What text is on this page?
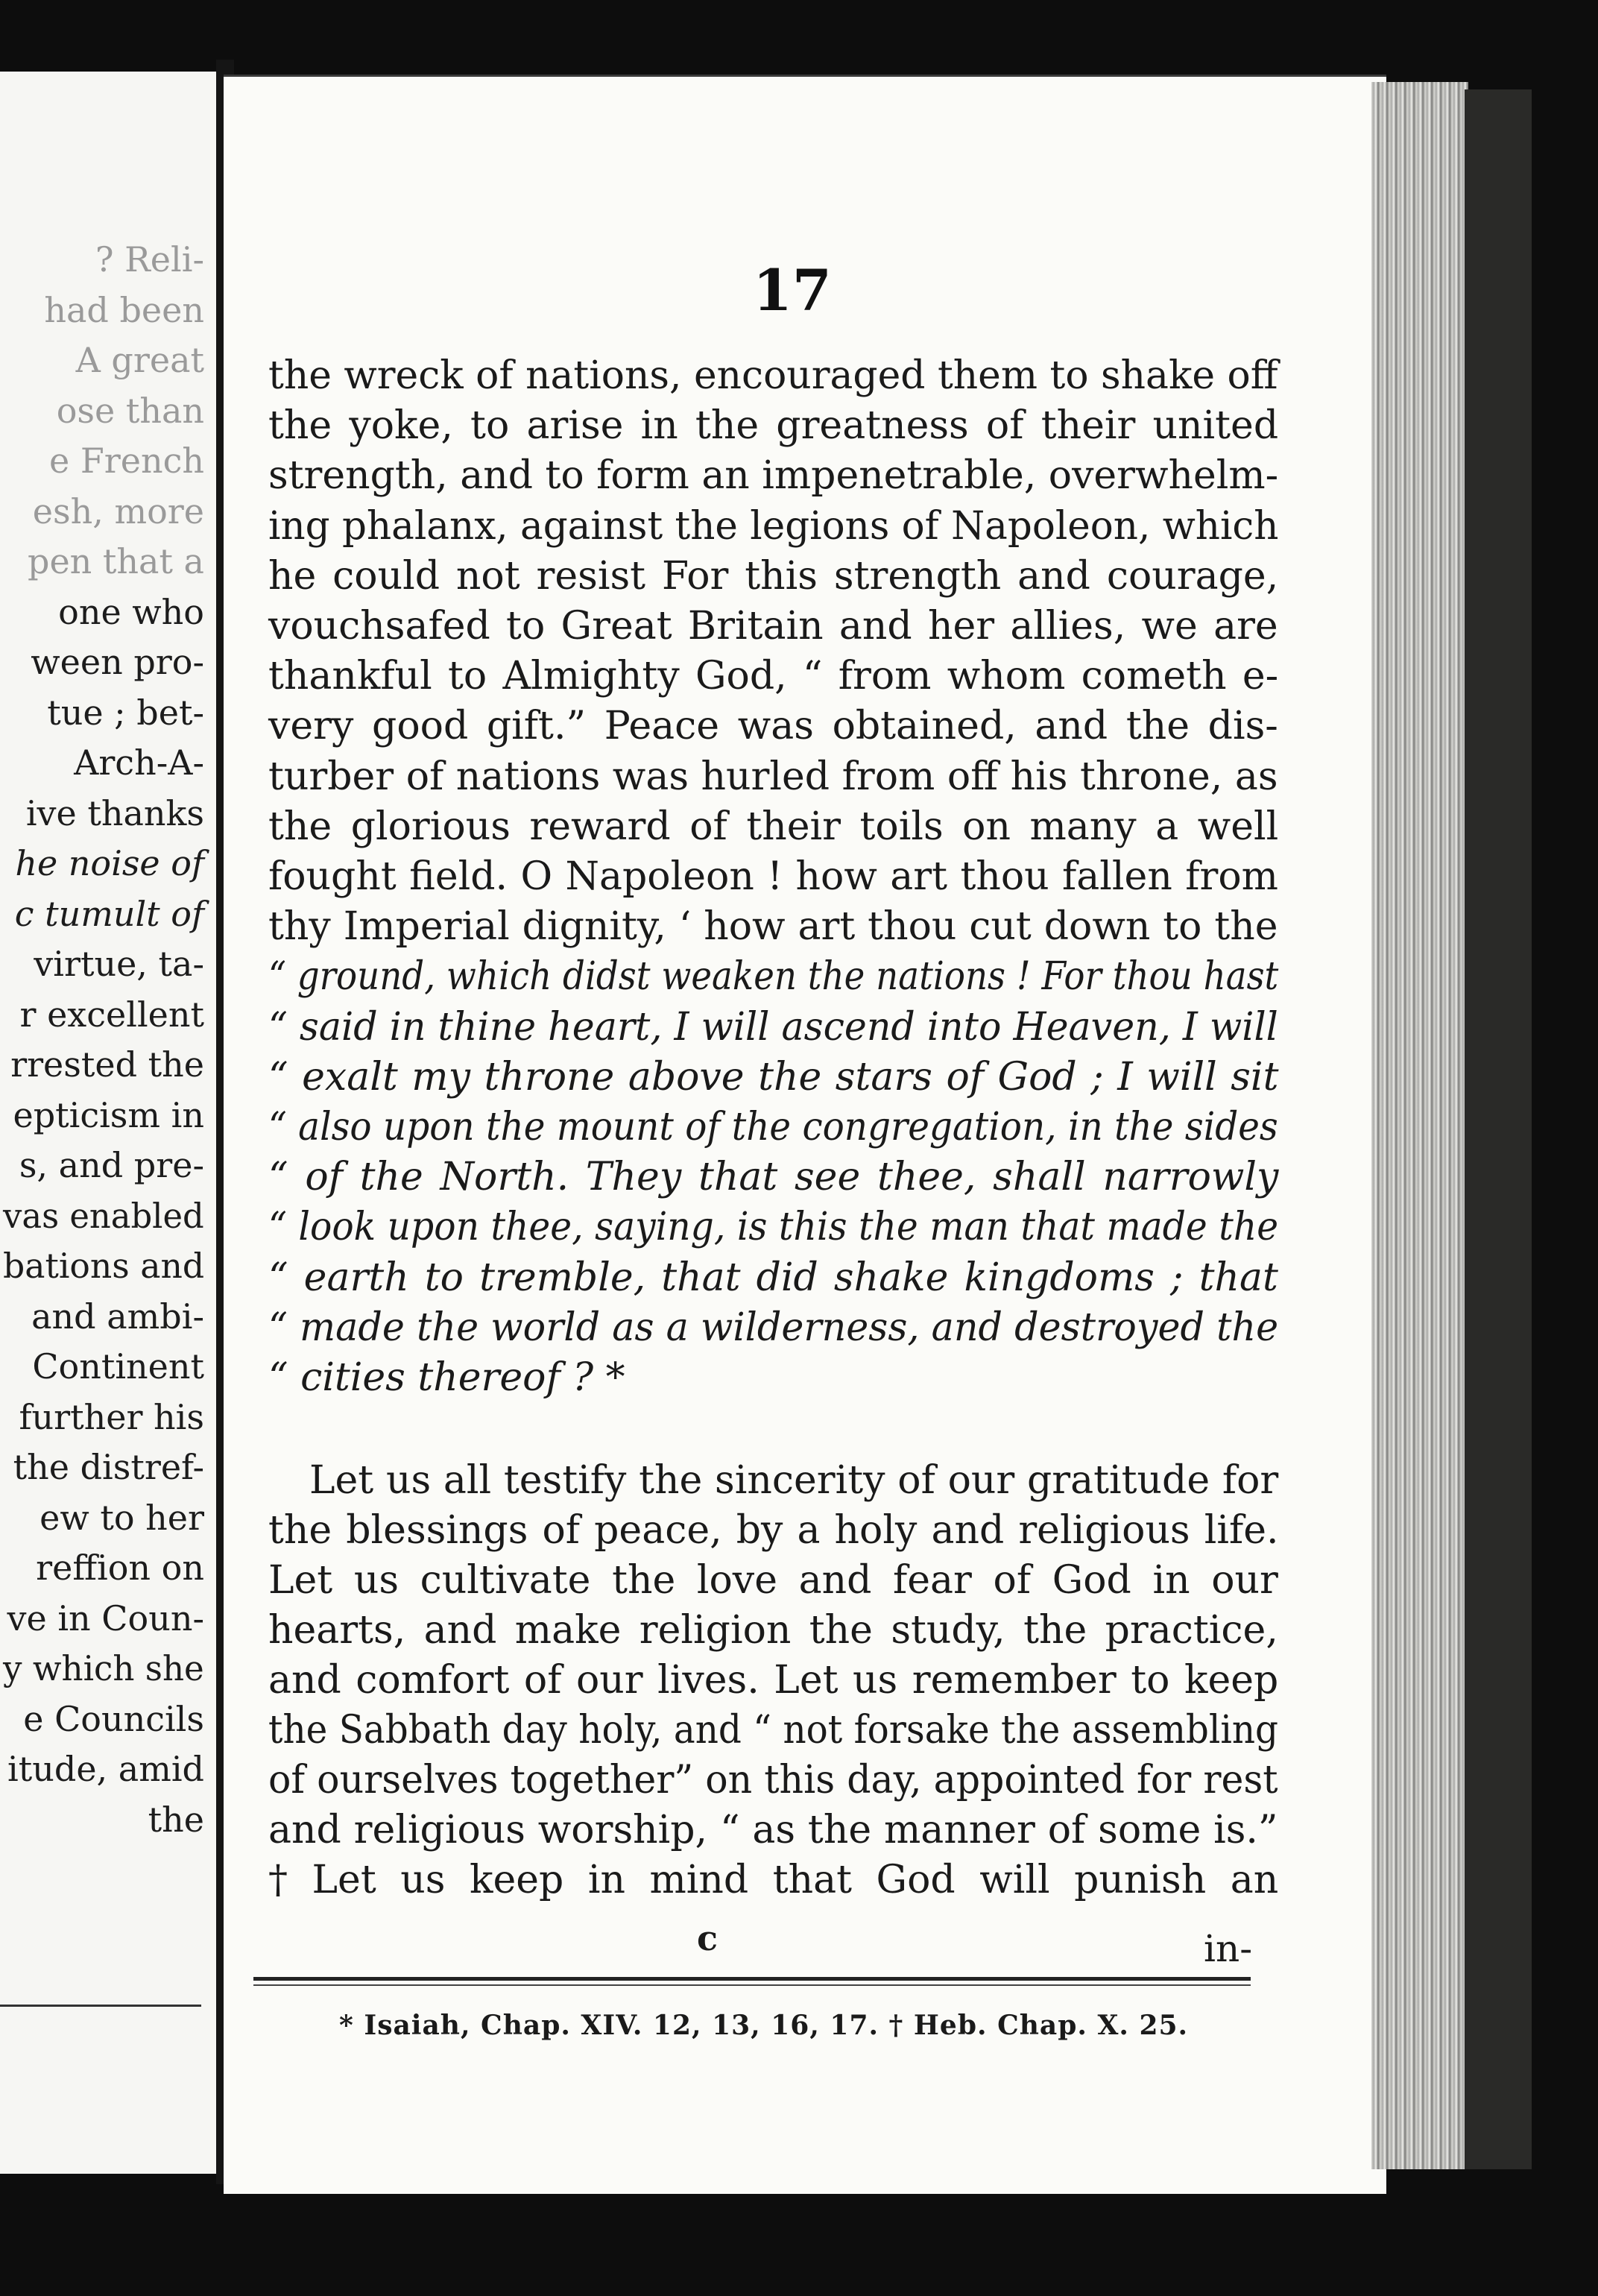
? Reli-
had been
A great
ose than
e French
esh, more
pen that a
one who
ween pro-
tue ; bet-
Arch-A-
ive thanks
he noise of
c tumult of
virtue, ta-
r excellent
rrested the
epticism in
s, and pre-
vas enabled
bations and
and ambi-
Continent
further his
the distref-
ew to her
reffion on
ve in Coun-
y which she
e Councils
itude, amid
the
17
the wreck of nations, encouraged them to shake off
the yoke, to arise in the greatness of their united
strength, and to form an impenetrable, overwhelm-
ing phalanx, against the legions of Napoleon, which
he could not resist For this strength and courage,
vouchsafed to Great Britain and her allies, we are
thankful to Almighty God, “ from whom cometh e-
very good gift.” Peace was obtained, and the dis-
turber of nations was hurled from off his throne, as
the glorious reward of their toils on many a well
fought field. O Napoleon ! how art thou fallen from
thy Imperial dignity, ‘ how art thou cut down to the
“ ground, which didst weaken the nations ! For thou hast
“ said in thine heart, I will ascend into Heaven, I will
“ exalt my throne above the stars of God ; I will sit
“ also upon the mount of the congregation, in the sides
“ of the North. They that see thee, shall narrowly
“ look upon thee, saying, is this the man that made the
“ earth to tremble, that did shake kingdoms ; that
“ made the world as a wilderness, and destroyed the
“ cities thereof ? *
Let us all testify the sincerity of our gratitude for
the blessings of peace, by a holy and religious life.
Let us cultivate the love and fear of God in our
hearts, and make religion the study, the practice,
and comfort of our lives. Let us remember to keep
the Sabbath day holy, and “ not forsake the assembling
of ourselves together” on this day, appointed for rest
and religious worship, “ as the manner of some is.”
† Let us keep in mind that God will punish an
c	in-
* Isaiah, Chap. XIV. 12, 13, 16, 17. † Heb. Chap. X. 25.
